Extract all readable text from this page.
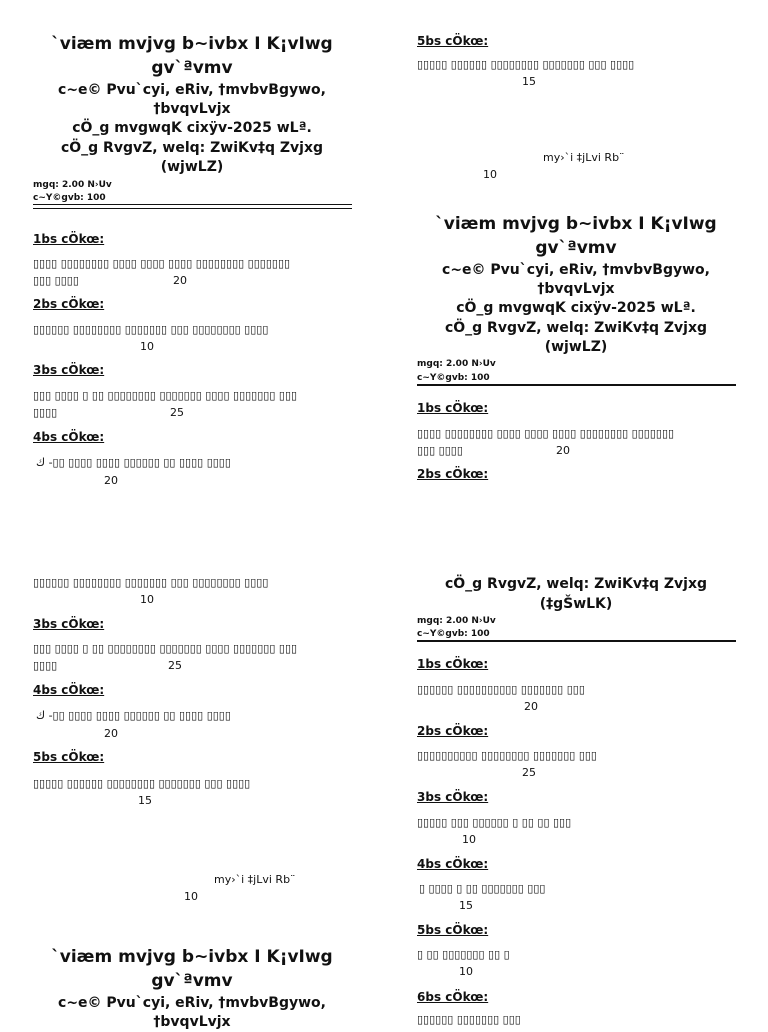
`viæm mvjvg b~ivbx I K¡vIwg
gv`ªvmv
c~e© Pvu`cyi, eRiv, †mvbvBgywo,
†bvqvLvjx
cÖ_g mvgwqK cixÿv-2025 wLª.
cÖ_g RvgvZ, welq: ZwiKv‡q Zvjxg
(wjwLZ)
mgq: 2.00 N›Uv
c~Y©gvb: 100
1bs cÖkœ:
▯▯▯▯ ▯▯▯▯▯▯▯▯ ▯▯▯▯ ▯▯▯▯ ▯▯▯▯ ▯▯▯▯▯▯▯▯ ▯▯▯▯▯▯▯
▯▯▯ ▯▯▯▯	20
2bs cÖkœ:
▯▯▯▯▯▯ ▯▯▯▯▯▯▯▯ ▯▯▯▯▯▯▯ ▯▯▯ ▯▯▯▯▯▯▯▯ ▯▯▯▯
10
3bs cÖkœ:
▯▯▯ ▯▯▯▯ ▯ ▯▯ ▯▯▯▯▯▯▯▯ ▯▯▯▯▯▯▯ ▯▯▯▯ ▯▯▯▯▯▯▯ ▯▯▯
▯▯▯▯	25
4bs cÖkœ:
ك -▯▯ ▯▯▯▯ ▯▯▯▯ ▯▯▯▯▯▯ ▯▯ ▯▯▯▯ ▯▯▯▯
20
▯▯▯▯▯▯ ▯▯▯▯▯▯▯▯ ▯▯▯▯▯▯▯ ▯▯▯ ▯▯▯▯▯▯▯▯ ▯▯▯▯
10
3bs cÖkœ:
▯▯▯ ▯▯▯▯ ▯ ▯▯ ▯▯▯▯▯▯▯▯ ▯▯▯▯▯▯▯ ▯▯▯▯ ▯▯▯▯▯▯▯ ▯▯▯
▯▯▯▯	25
4bs cÖkœ:
ك -▯▯ ▯▯▯▯ ▯▯▯▯ ▯▯▯▯▯▯ ▯▯ ▯▯▯▯ ▯▯▯▯
20
5bs cÖkœ:
▯▯▯▯▯ ▯▯▯▯▯▯ ▯▯▯▯▯▯▯▯ ▯▯▯▯▯▯▯ ▯▯▯ ▯▯▯▯
15
my›`i ‡jLvi Rb¨
10
`viæm mvjvg b~ivbx I K¡vIwg
gv`ªvmv
c~e© Pvu`cyi, eRiv, †mvbvBgywo,
†bvqvLvjx
5bs cÖkœ:
▯▯▯▯▯ ▯▯▯▯▯▯ ▯▯▯▯▯▯▯▯ ▯▯▯▯▯▯▯ ▯▯▯ ▯▯▯▯
15
my›`i ‡jLvi Rb¨
10
`viæm mvjvg b~ivbx I K¡vIwg
gv`ªvmv
c~e© Pvu`cyi, eRiv, †mvbvBgywo,
†bvqvLvjx
cÖ_g mvgwqK cixÿv-2025 wLª.
cÖ_g RvgvZ, welq: ZwiKv‡q Zvjxg
(wjwLZ)
mgq: 2.00 N›Uv
c~Y©gvb: 100
1bs cÖkœ:
▯▯▯▯ ▯▯▯▯▯▯▯▯ ▯▯▯▯ ▯▯▯▯ ▯▯▯▯ ▯▯▯▯▯▯▯▯ ▯▯▯▯▯▯▯
▯▯▯ ▯▯▯▯	20
2bs cÖkœ:
cÖ_g RvgvZ, welq: ZwiKv‡q Zvjxg
(‡gŠwLK)
mgq: 2.00 N›Uv
c~Y©gvb: 100
1bs cÖkœ:
▯▯▯▯▯▯ ▯▯▯▯▯▯▯▯▯▯ ▯▯▯▯▯▯▯ ▯▯▯
20
2bs cÖkœ:
▯▯▯▯▯▯▯▯▯▯ ▯▯▯▯▯▯▯▯ ▯▯▯▯▯▯▯ ▯▯▯
25
3bs cÖkœ:
▯▯▯▯▯ ▯▯▯ ▯▯▯▯▯▯ ▯ ▯▯ ▯▯ ▯▯▯
10
4bs cÖkœ:
▯ ▯▯▯▯ ▯ ▯▯ ▯▯▯▯▯▯▯ ▯▯▯
15
5bs cÖkœ:
▯ ▯▯ ▯▯▯▯▯▯▯ ▯▯ ▯
10
6bs cÖkœ:
▯▯▯▯▯▯ ▯▯▯▯▯▯▯ ▯▯▯
